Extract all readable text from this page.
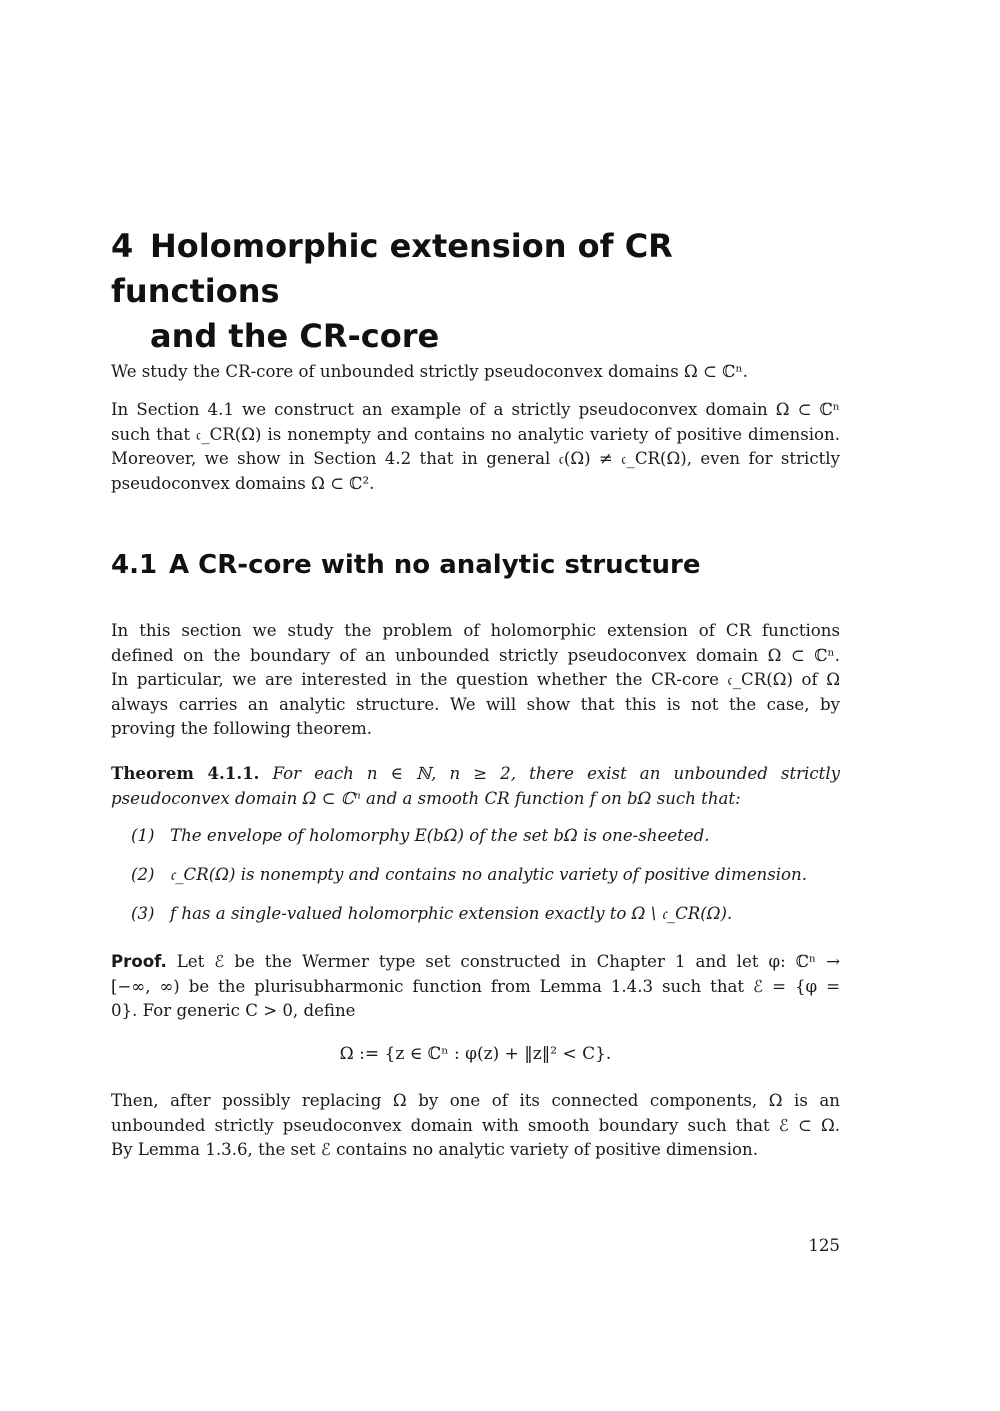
4 Holomorphic extension of CR functions
and the CR-core
We study the CR-core of unbounded strictly pseudoconvex domains Ω ⊂ ℂⁿ.
In Section 4.1 we construct an example of a strictly pseudoconvex domain Ω ⊂ ℂⁿ
such that 𝔠_CR(Ω) is nonempty and contains no analytic variety of positive dimension.
Moreover, we show in Section 4.2 that in general 𝔠(Ω) ≠ 𝔠_CR(Ω), even for strictly
pseudoconvex domains Ω ⊂ ℂ².
4.1 A CR-core with no analytic structure
In this section we study the problem of holomorphic extension of CR functions
defined on the boundary of an unbounded strictly pseudoconvex domain Ω ⊂ ℂⁿ.
In particular, we are interested in the question whether the CR-core 𝔠_CR(Ω) of Ω
always carries an analytic structure. We will show that this is not the case, by
proving the following theorem.
Theorem 4.1.1. For each n ∈ ℕ, n ≥ 2, there exist an unbounded strictly
pseudoconvex domain Ω ⊂ ℂⁿ and a smooth CR function f on bΩ such that:
(1) The envelope of holomorphy E(bΩ) of the set bΩ is one-sheeted.
(2) 𝔠_CR(Ω) is nonempty and contains no analytic variety of positive dimension.
(3) f has a single-valued holomorphic extension exactly to Ω \ 𝔠_CR(Ω).
Proof. Let ℰ be the Wermer type set constructed in Chapter 1 and let φ: ℂⁿ →
[−∞, ∞) be the plurisubharmonic function from Lemma 1.4.3 such that ℰ = {φ =
0}. For generic C > 0, define
Ω := {z ∈ ℂⁿ : φ(z) + ‖z‖² < C}.
Then, after possibly replacing Ω by one of its connected components, Ω is an
unbounded strictly pseudoconvex domain with smooth boundary such that ℰ ⊂ Ω.
By Lemma 1.3.6, the set ℰ contains no analytic variety of positive dimension.
125
